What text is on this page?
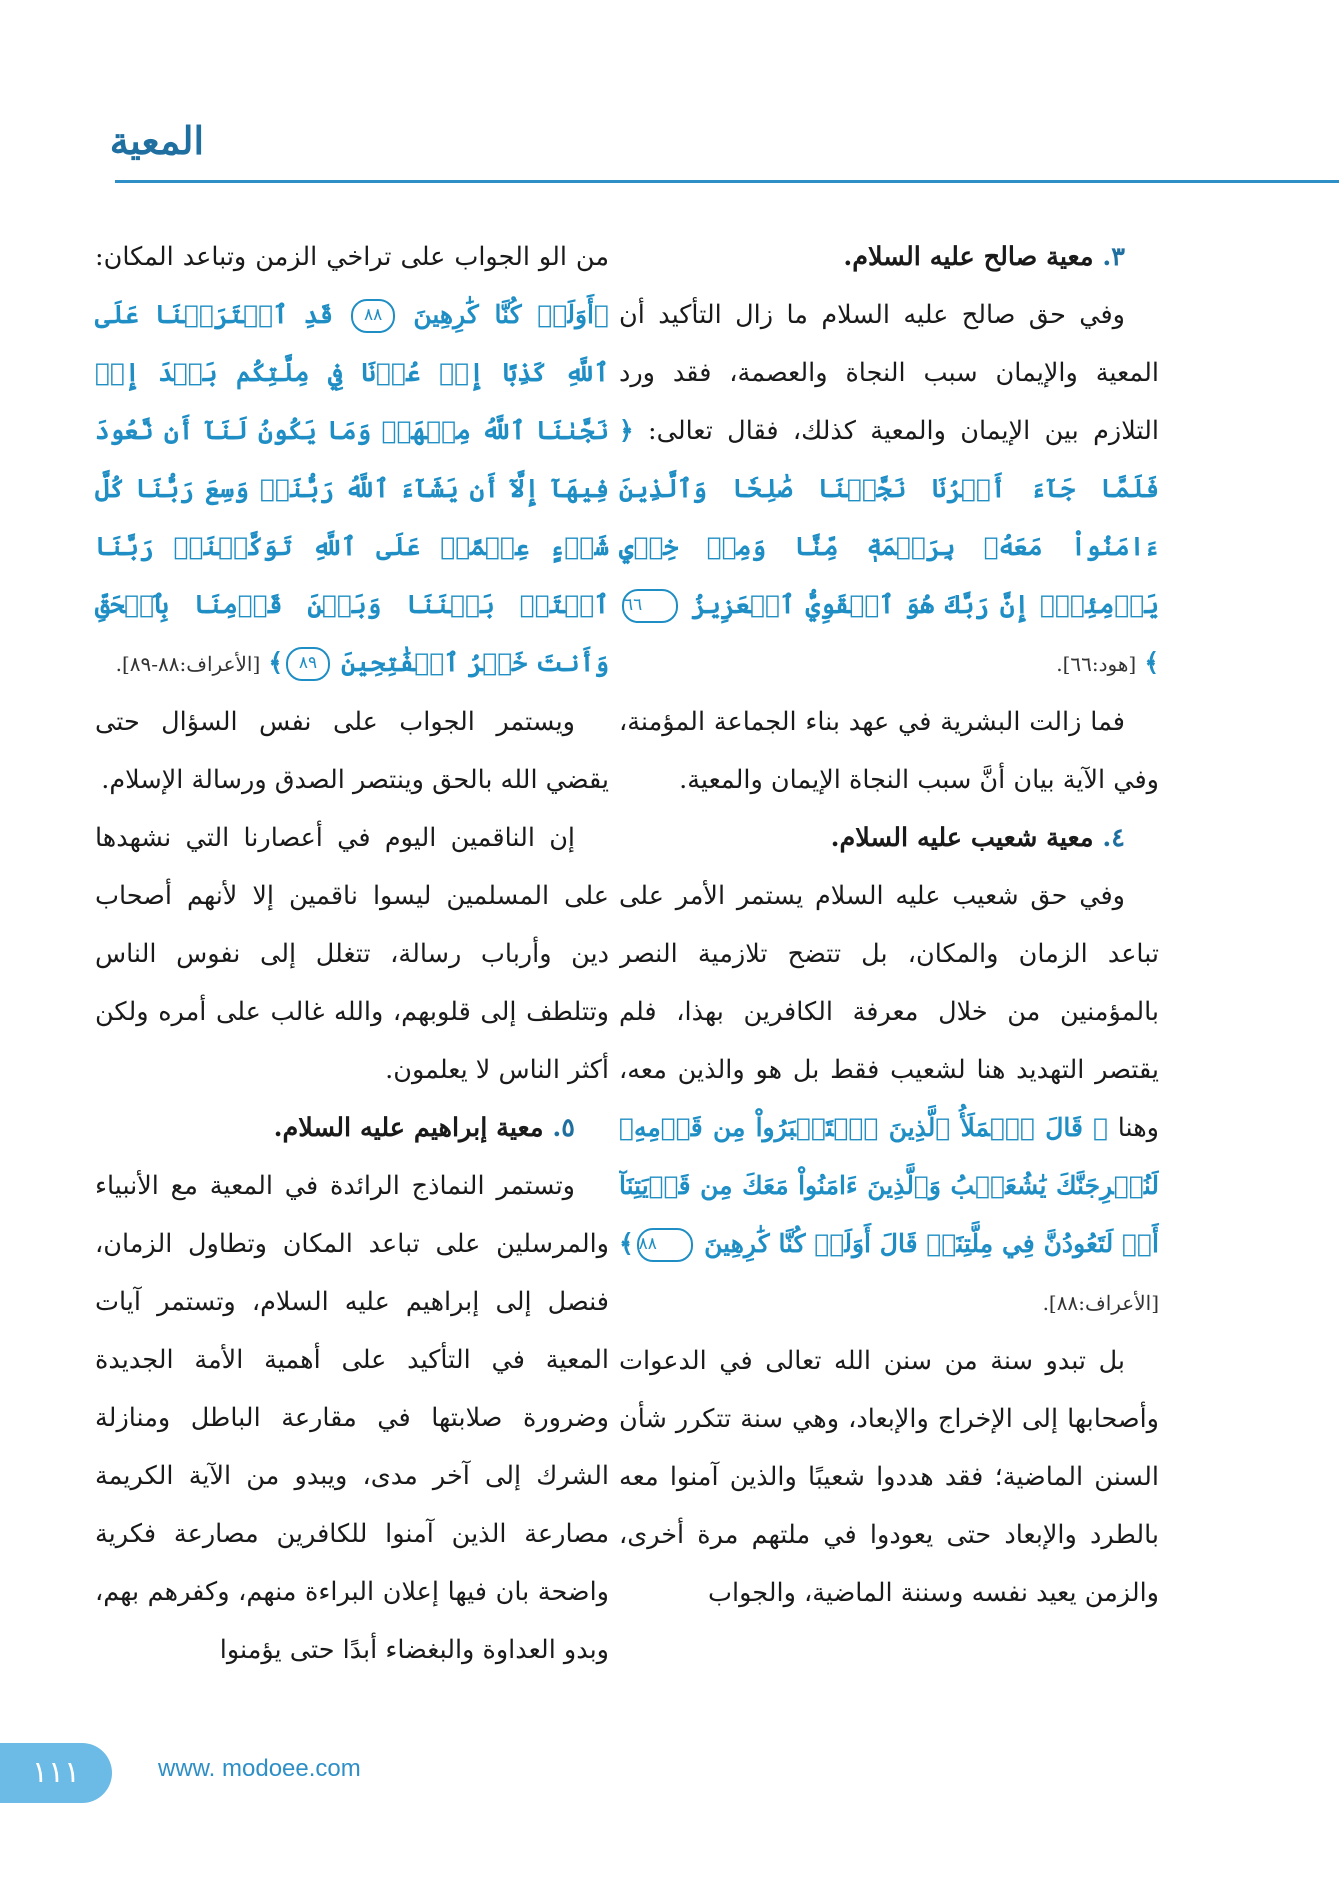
المعية

٣. معية صالح عليه السلام.

وفي حق صالح عليه السلام ما زال التأكيد أن المعية والإيمان سبب النجاة والعصمة، فقد ورد التلازم بين الإيمان والمعية كذلك، فقال تعالى: ﴿ فَلَمَّا جَآءَ أَمۡرُنَا نَجَّيۡنَا صَٰلِحٗا وَٱلَّذِينَ ءَامَنُواْ مَعَهُۥ بِرَحۡمَةٖ مِّنَّا وَمِنۡ خِزۡيِ يَوۡمِئِذٍۚ إِنَّ رَبَّكَ هُوَ ٱلۡقَوِيُّ ٱلۡعَزِيزُ ٦٦﴾ [هود:٦٦].

فما زالت البشرية في عهد بناء الجماعة المؤمنة، وفي الآية بيان أنَّ سبب النجاة الإيمان والمعية.

٤. معية شعيب عليه السلام.

وفي حق شعيب عليه السلام يستمر الأمر على تباعد الزمان والمكان، بل تتضح تلازمية النصر بالمؤمنين من خلال معرفة الكافرين بهذا، فلم يقتصر التهديد هنا لشعيب فقط بل هو والذين معه، وهنا ﴿ قَالَ ٱلۡمَلَأُ ٱلَّذِينَ ٱسۡتَكۡبَرُواْ مِن قَوۡمِهِۦ لَنُخۡرِجَنَّكَ يَٰشُعَيۡبُ وَٱلَّذِينَ ءَامَنُواْ مَعَكَ مِن قَرۡيَتِنَآ أَوۡ لَتَعُودُنَّ فِي مِلَّتِنَاۚ قَالَ أَوَلَوۡ كُنَّا كَٰرِهِينَ ٨٨﴾ [الأعراف:٨٨].

بل تبدو سنة من سنن الله تعالى في الدعوات وأصحابها إلى الإخراج والإبعاد، وهي سنة تتكرر شأن السنن الماضية؛ فقد هددوا شعيبًا والذين آمنوا معه بالطرد والإبعاد حتى يعودوا في ملتهم مرة أخرى، والزمن يعيد نفسه وسننة الماضية، والجواب

من الو الجواب على تراخي الزمن وتباعد المكان: ﴿أَوَلَوۡ كُنَّا كَٰرِهِينَ ٨٨ قَدِ ٱفۡتَرَيۡنَا عَلَى ٱللَّهِ كَذِبًا إِنۡ عُدۡنَا فِي مِلَّتِكُم بَعۡدَ إِذۡ نَجَّىٰنَا ٱللَّهُ مِنۡهَاۚ وَمَا يَكُونُ لَنَآ أَن نَّعُودَ فِيهَآ إِلَّآ أَن يَشَآءَ ٱللَّهُ رَبُّنَاۚ وَسِعَ رَبُّنَا كُلَّ شَيۡءٍ عِلۡمًاۚ عَلَى ٱللَّهِ تَوَكَّلۡنَاۚ رَبَّنَا ٱفۡتَحۡ بَيۡنَنَا وَبَيۡنَ قَوۡمِنَا بِٱلۡحَقِّ وَأَنتَ خَيۡرُ ٱلۡفَٰتِحِينَ ٨٩﴾ [الأعراف:٨٨-٨٩].

ويستمر الجواب على نفس السؤال حتى يقضي الله بالحق وينتصر الصدق ورسالة الإسلام.

إن الناقمين اليوم في أعصارنا التي نشهدها على المسلمين ليسوا ناقمين إلا لأنهم أصحاب دين وأرباب رسالة، تتغلل إلى نفوس الناس وتتلطف إلى قلوبهم، والله غالب على أمره ولكن أكثر الناس لا يعلمون.

٥. معية إبراهيم عليه السلام.

وتستمر النماذج الرائدة في المعية مع الأنبياء والمرسلين على تباعد المكان وتطاول الزمان، فنصل إلى إبراهيم عليه السلام، وتستمر آيات المعية في التأكيد على أهمية الأمة الجديدة وضرورة صلابتها في مقارعة الباطل ومنازلة الشرك إلى آخر مدى، ويبدو من الآية الكريمة مصارعة الذين آمنوا للكافرين مصارعة فكرية واضحة بان فيها إعلان البراءة منهم، وكفرهم بهم، وبدو العداوة والبغضاء أبدًا حتى يؤمنوا

١١١	www. modoee.com
